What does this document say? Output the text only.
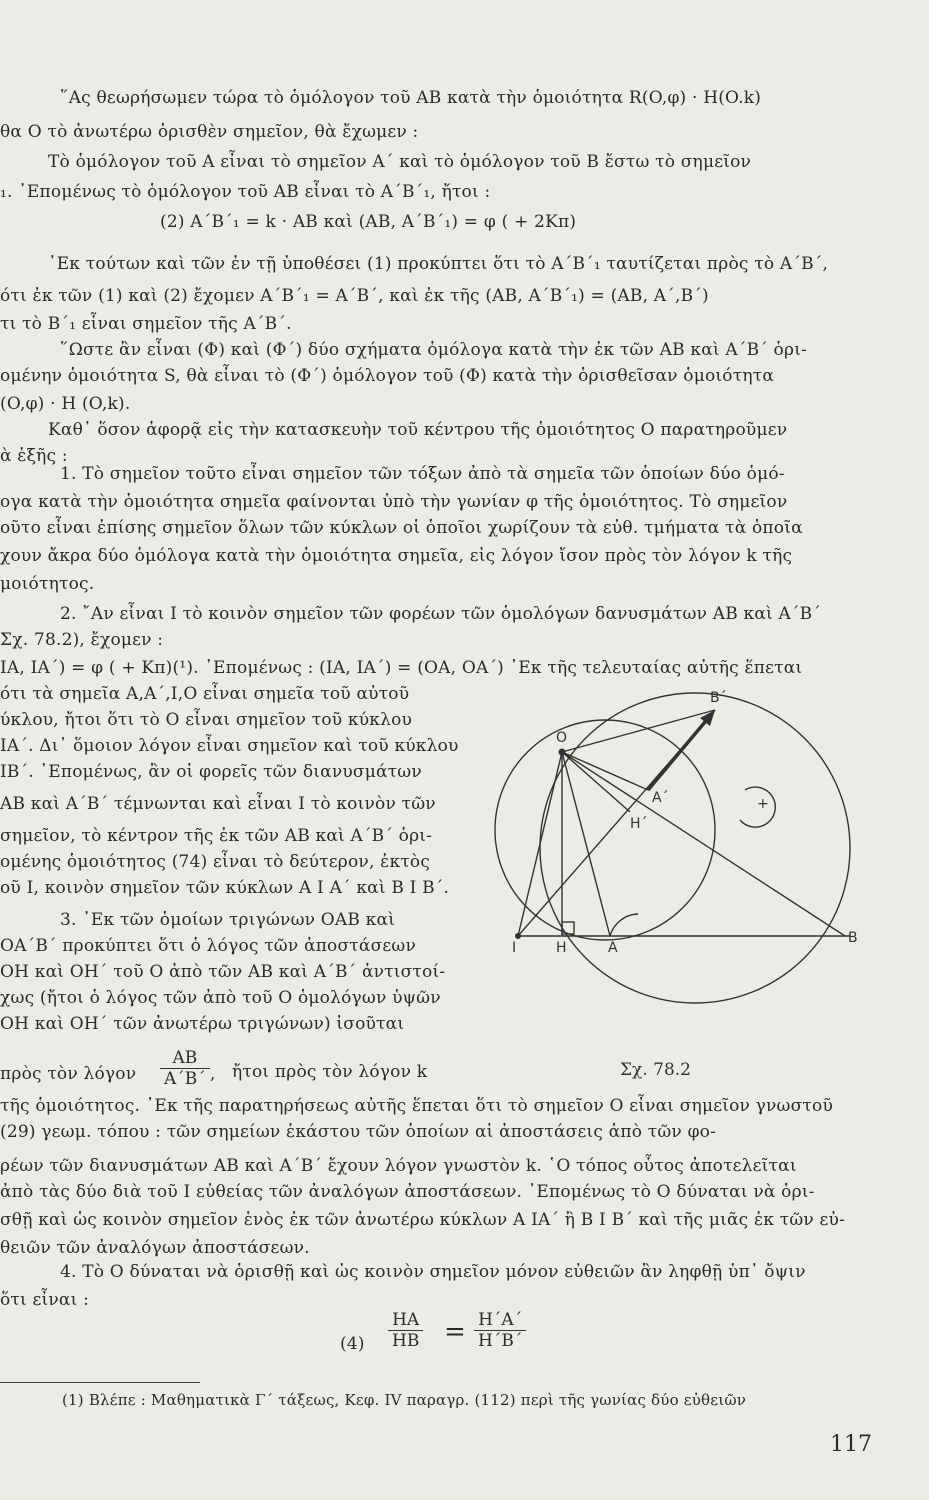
῞Ας θεωρήσωμεν τώρα τὸ ὁμόλογον τοῦ AB κατὰ τὴν ὁμοιότητα R(O,φ) · H(O.k)
θα O τὸ ἀνωτέρω ὁρισθὲν σημεῖον, θὰ ἔχωμεν :
Τὸ ὁμόλογον τοῦ A εἶναι τὸ σημεῖον A΄ καὶ τὸ ὁμόλογον τοῦ B ἔστω τὸ σημεῖον
₁. ᾽Επομένως τὸ ὁμόλογον τοῦ AB εἶναι τὸ A΄B΄₁, ἤτοι :
(2) A΄B΄₁ = k · AB καὶ (AB, A΄B΄₁) = φ ( + 2Kπ)
᾽Εκ τούτων καὶ τῶν ἐν τῇ ὑποθέσει (1) προκύπτει ὅτι τὸ A΄B΄₁ ταυτίζεται πρὸς τὸ A΄B΄,
ότι ἐκ τῶν (1) καὶ (2) ἔχομεν A΄B΄₁ = A΄B΄, καὶ ἐκ τῆς (AB, A΄B΄₁) = (AB, A΄,B΄)
τι τὸ B΄₁ εἶναι σημεῖον τῆς A΄B΄.
῞Ωστε ἂν εἶναι (Φ) καὶ (Φ΄) δύο σχήματα ὁμόλογα κατὰ τὴν ἐκ τῶν AB καὶ A΄B΄ ὁρι-
ομένην ὁμοιότητα S, θὰ εἶναι τὸ (Φ΄) ὁμόλογον τοῦ (Φ) κατὰ τὴν ὁρισθεῖσαν ὁμοιότητα
(O,φ) · H (O,k).
Καθ᾽ ὅσον ἀφορᾷ εἰς τὴν κατασκευὴν τοῦ κέντρου τῆς ὁμοιότητος O παρατηροῦμεν
ὰ ἑξῆς :
1. Τὸ σημεῖον τοῦτο εἶναι σημεῖον τῶν τόξων ἀπὸ τὰ σημεῖα τῶν ὁποίων δύο ὁμό-
ογα κατὰ τὴν ὁμοιότητα σημεῖα φαίνονται ὑπὸ τὴν γωνίαν φ τῆς ὁμοιότητος. Τὸ σημεῖον
οῦτο εἶναι ἐπίσης σημεῖον ὅλων τῶν κύκλων οἱ ὁποῖοι χωρίζουν τὰ εὐθ. τμήματα τὰ ὁποῖα
χουν ἄκρα δύο ὁμόλογα κατὰ τὴν ὁμοιότητα σημεῖα, εἰς λόγον ἴσον πρὸς τὸν λόγον k τῆς
μοιότητος.
2. ῎Αν εἶναι I τὸ κοινὸν σημεῖον τῶν φορέων τῶν ὁμολόγων δανυσμάτων AB καὶ A΄B΄
Σχ. 78.2), ἔχομεν :
IA, IA΄) = φ ( + Kπ)(¹). ᾽Επομένως : (IA, IA΄) = (OA, OA΄) ᾽Εκ τῆς τελευταίας αὐτῆς ἕπεται
ότι τὰ σημεῖα A,A΄,I,O εἶναι σημεῖα τοῦ αὐτοῦ
ύκλου, ἤτοι ὅτι τὸ O εἶναι σημεῖον τοῦ κύκλου
IA΄. Δι᾽ ὅμοιον λόγον εἶναι σημεῖον καὶ τοῦ κύκλου
IB΄. ᾽Επομένως, ἂν οἱ φορεῖς τῶν διανυσμάτων
AB καὶ A΄B΄ τέμνωνται καὶ εἶναι I τὸ κοινὸν τῶν
σημεῖον, τὸ κέντρον τῆς ἐκ τῶν AB καὶ A΄B΄ ὁρι-
ομένης ὁμοιότητος (74) εἶναι τὸ δεύτερον, ἐκτὸς
οῦ I, κοινὸν σημεῖον τῶν κύκλων A I A΄ καὶ B I B΄.
3. ᾽Εκ τῶν ὁμοίων τριγώνων OAB καὶ
OA΄B΄ προκύπτει ὅτι ὁ λόγος τῶν ἀποστάσεων
OH καὶ OH΄ τοῦ O ἀπὸ τῶν AB καὶ A΄B΄ ἀντιστοί-
χως (ἤτοι ὁ λόγος τῶν ἀπὸ τοῦ O ὁμολόγων ὑψῶν
OH καὶ OH΄ τῶν ἀνωτέρω τριγώνων) ἰσοῦται
πρὸς τὸν λόγον	ἤτοι πρὸς τὸν λόγον k
τῆς ὁμοιότητος. ᾽Εκ τῆς παρατηρήσεως αὐτῆς ἕπεται ὅτι τὸ σημεῖον O εἶναι σημεῖον γνωστοῦ
(29) γεωμ. τόπου : τῶν σημείων ἑκάστου τῶν ὁποίων αἱ ἀποστάσεις ἀπὸ τῶν φο-
ρέων τῶν διανυσμάτων AB καὶ A΄B΄ ἔχουν λόγον γνωστὸν k. ῾Ο τόπος οὗτος ἀποτελεῖται
ἀπὸ τὰς δύο διὰ τοῦ I εὐθείας τῶν ἀναλόγων ἀποστάσεων. ᾽Επομένως τὸ O δύναται νὰ ὁρι-
σθῇ καὶ ὡς κοινὸν σημεῖον ἑνὸς ἐκ τῶν ἀνωτέρω κύκλων A IA΄ ἢ B I B΄ καὶ τῆς μιᾶς ἐκ τῶν εὐ-
θειῶν τῶν ἀναλόγων ἀποστάσεων.
4. Τὸ O δύναται νὰ ὁρισθῇ καὶ ὡς κοινὸν σημεῖον μόνον εὐθειῶν ἂν ληφθῇ ὑπ᾽ ὄψιν
ὅτι εἶναι :
$\frac{AB}{A΄B΄}$ ,
O
I	H	A
B
B΄
A΄
H΄
+
Σχ. 78.2
$(4) \frac{HA}{HB} = \frac{H΄A΄}{H΄B΄}$
(1) Βλέπε : Μαθηματικὰ Γ΄ τάξεως, Κεφ. IV παραγρ. (112) περὶ τῆς γωνίας δύο εὐθειῶν
117
